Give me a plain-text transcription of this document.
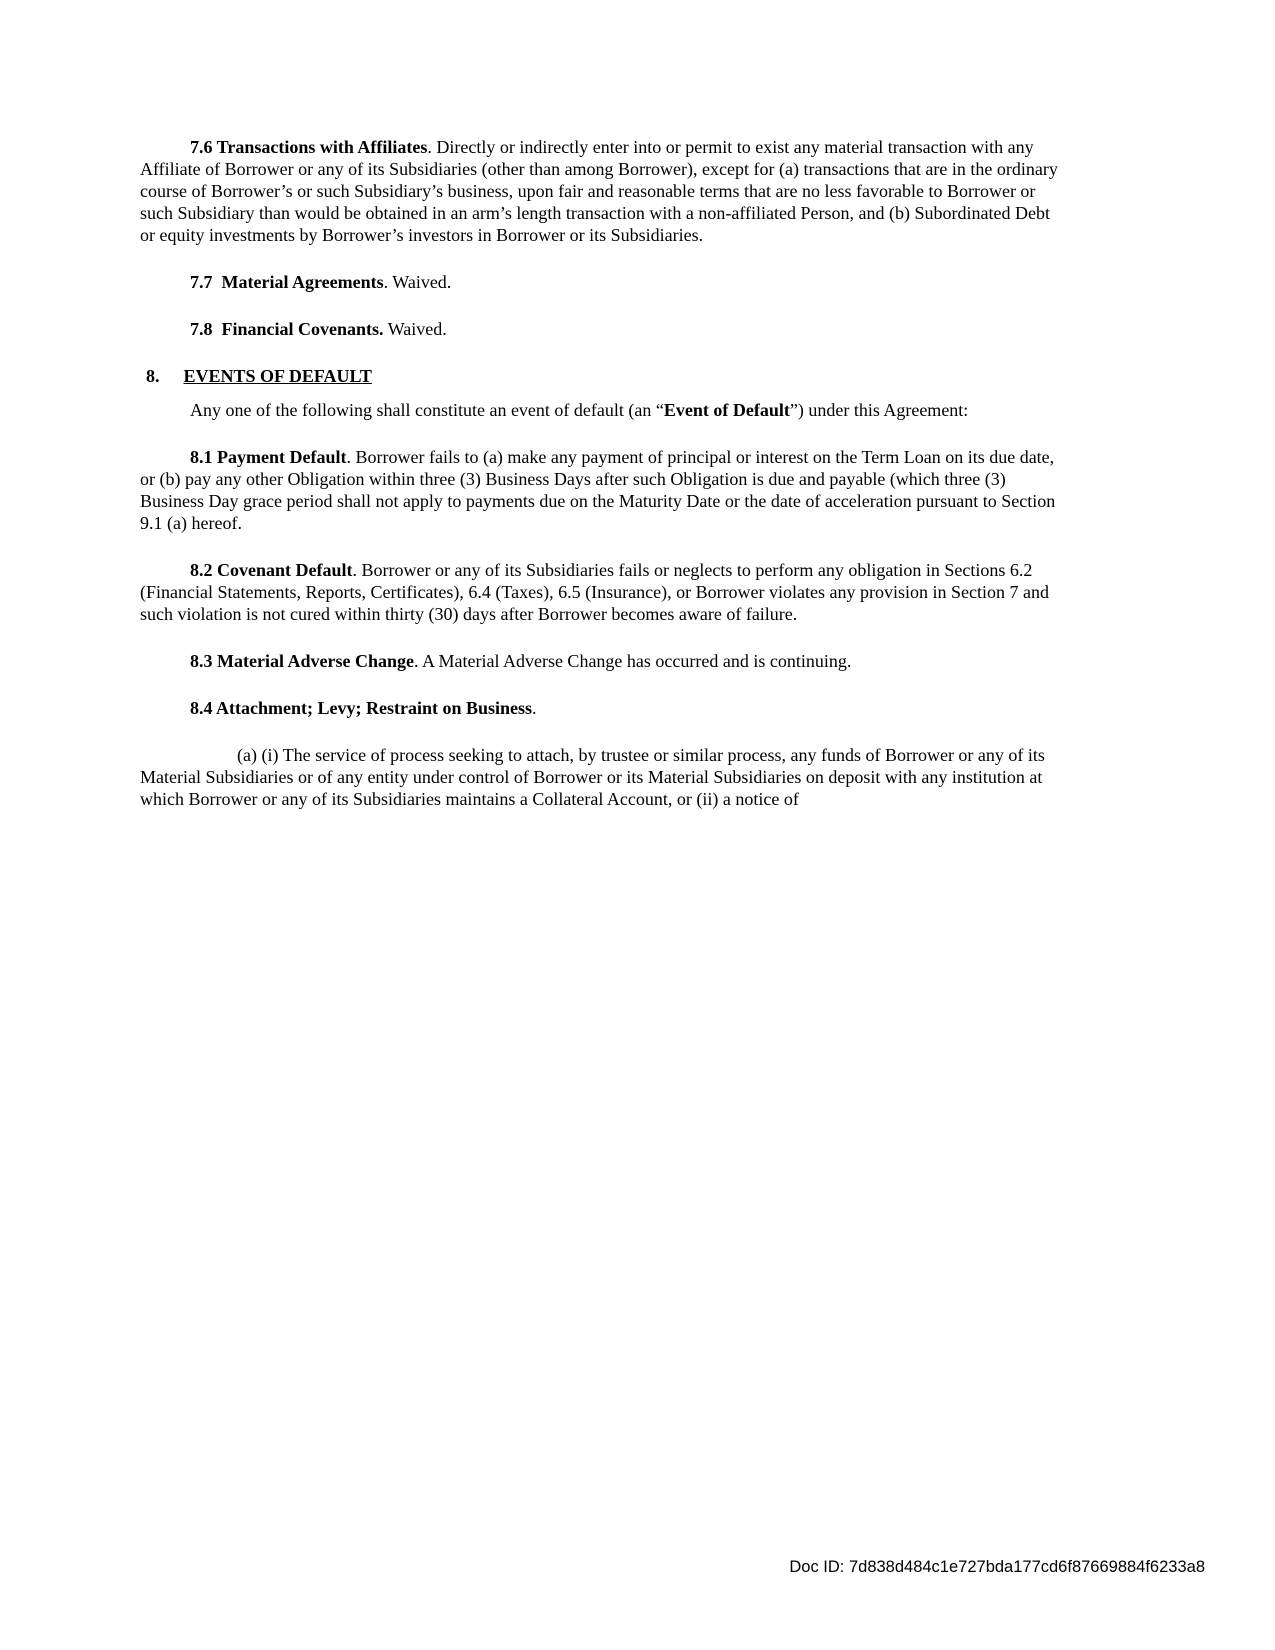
7.6 Transactions with Affiliates. Directly or indirectly enter into or permit to exist any material transaction with any Affiliate of Borrower or any of its Subsidiaries (other than among Borrower), except for (a) transactions that are in the ordinary course of Borrower’s or such Subsidiary’s business, upon fair and reasonable terms that are no less favorable to Borrower or such Subsidiary than would be obtained in an arm’s length transaction with a non-affiliated Person, and (b) Subordinated Debt or equity investments by Borrower’s investors in Borrower or its Subsidiaries.

7.7  Material Agreements. Waived.

7.8  Financial Covenants. Waived.

8. EVENTS OF DEFAULT

Any one of the following shall constitute an event of default (an “Event of Default”) under this Agreement:

8.1 Payment Default. Borrower fails to (a) make any payment of principal or interest on the Term Loan on its due date, or (b) pay any other Obligation within three (3) Business Days after such Obligation is due and payable (which three (3) Business Day grace period shall not apply to payments due on the Maturity Date or the date of acceleration pursuant to Section 9.1 (a) hereof.

8.2 Covenant Default. Borrower or any of its Subsidiaries fails or neglects to perform any obligation in Sections 6.2 (Financial Statements, Reports, Certificates), 6.4 (Taxes), 6.5 (Insurance), or Borrower violates any provision in Section 7 and such violation is not cured within thirty (30) days after Borrower becomes aware of failure.

8.3 Material Adverse Change. A Material Adverse Change has occurred and is continuing.

8.4 Attachment; Levy; Restraint on Business.

(a) (i) The service of process seeking to attach, by trustee or similar process, any funds of Borrower or any of its Material Subsidiaries or of any entity under control of Borrower or its Material Subsidiaries on deposit with any institution at which Borrower or any of its Subsidiaries maintains a Collateral Account, or (ii) a notice of

Doc ID: 7d838d484c1e727bda177cd6f87669884f6233a8
